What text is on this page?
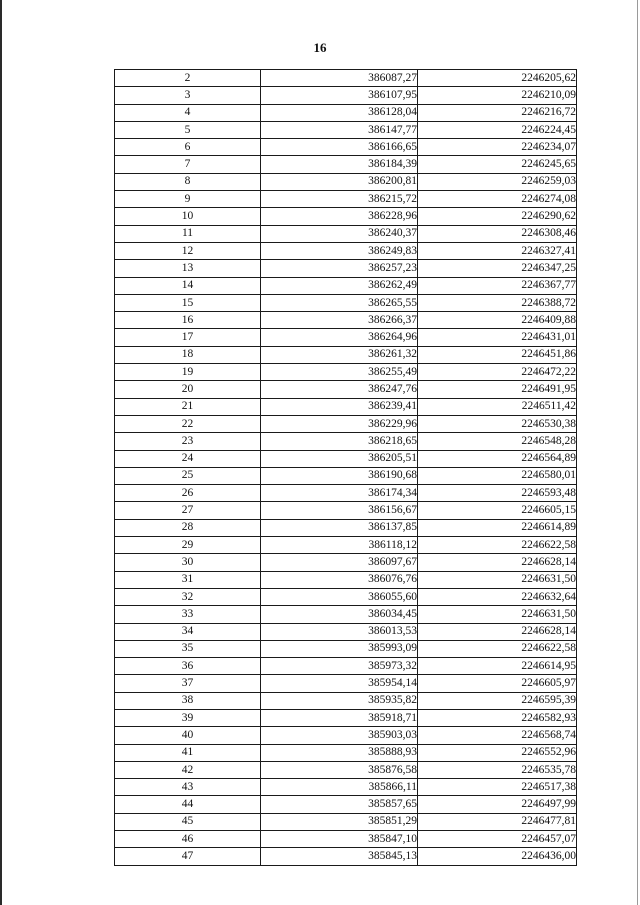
16
2	386087,27	2246205,62
3	386107,95	2246210,09
4	386128,04	2246216,72
5	386147,77	2246224,45
6	386166,65	2246234,07
7	386184,39	2246245,65
8	386200,81	2246259,03
9	386215,72	2246274,08
10	386228,96	2246290,62
11	386240,37	2246308,46
12	386249,83	2246327,41
13	386257,23	2246347,25
14	386262,49	2246367,77
15	386265,55	2246388,72
16	386266,37	2246409,88
17	386264,96	2246431,01
18	386261,32	2246451,86
19	386255,49	2246472,22
20	386247,76	2246491,95
21	386239,41	2246511,42
22	386229,96	2246530,38
23	386218,65	2246548,28
24	386205,51	2246564,89
25	386190,68	2246580,01
26	386174,34	2246593,48
27	386156,67	2246605,15
28	386137,85	2246614,89
29	386118,12	2246622,58
30	386097,67	2246628,14
31	386076,76	2246631,50
32	386055,60	2246632,64
33	386034,45	2246631,50
34	386013,53	2246628,14
35	385993,09	2246622,58
36	385973,32	2246614,95
37	385954,14	2246605,97
38	385935,82	2246595,39
39	385918,71	2246582,93
40	385903,03	2246568,74
41	385888,93	2246552,96
42	385876,58	2246535,78
43	385866,11	2246517,38
44	385857,65	2246497,99
45	385851,29	2246477,81
46	385847,10	2246457,07
47	385845,13	2246436,00
